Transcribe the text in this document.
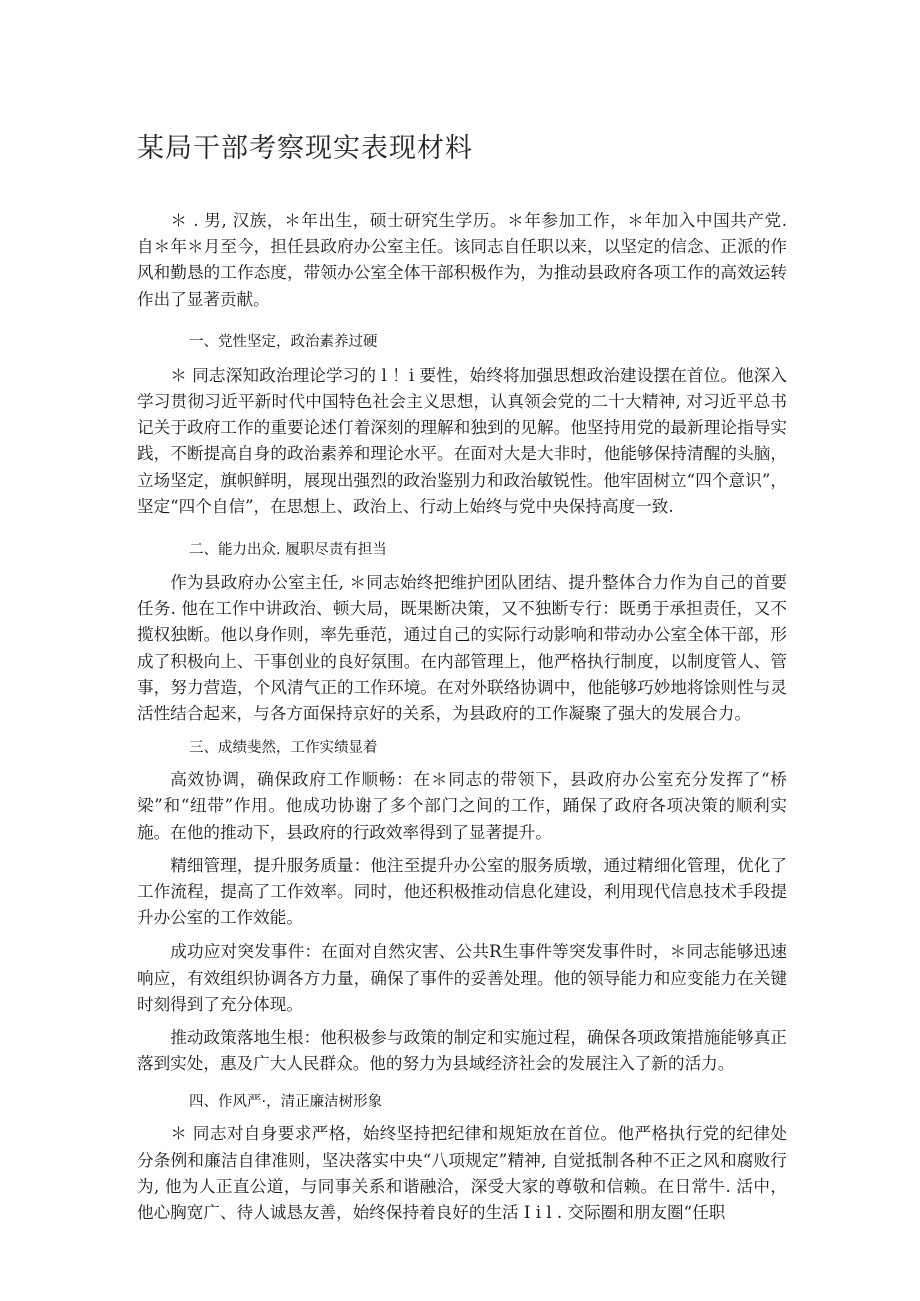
某局干部考察现实表现材料

＊ . 男, 汉族，＊年出生，硕士研究生学历。＊年参加工作，＊年加入中国共产党. 自＊年＊月至今，担任县政府办公室主任。该同志自任职以来，以坚定的信念、正派的作风和勤恳的工作态度，带领办公室全体干部积极作为，为推动县政府各项工作的高效运转作出了显著贡献。

一、党性坚定，政治素养过硬

＊ 同志深知政治理论学习的 l ！i 要性，始终将加强思想政治建设摆在首位。他深入学习贯彻习近平新时代中国特色社会主义思想，认真领会党的二十大精神, 对习近平总书记关于政府工作的重要论述仃着深刻的理解和独到的见解。他坚持用党的最新理论指导实践，不断提高自身的政治素养和理论水平。在面对大是大非时，他能够保持清醒的头脑，立场坚定，旗帜鲜明，展现出强烈的政治鉴别力和政治敏锐性。他牢固树立“四个意识”，坚定“四个自信”，在思想上、政治上、行动上始终与党中央保持高度一致.

二、能力出众. 履职尽责有担当

作为县政府办公室主任, ＊同志始终把维护团队团结、提升整体合力作为自己的首要任务. 他在工作中讲政治、顿大局，既果断决策，又不独断专行：既勇于承担责任，又不揽权独断。他以身作则，率先垂范，通过自己的实际行动影响和带动办公室全体干部，形成了积极向上、干事创业的良好氛围。在内部管理上，他严格执行制度，以制度管人、管事，努力营造，个风清气正的工作环境。在对外联络协调中，他能够巧妙地将馀则性与灵活性结合起来，与各方面保持京好的关系，为县政府的工作凝聚了强大的发展合力。

三、成绩斐然，工作实绩显着

高效协调，确保政府工作顺畅：在＊同志的带领下，县政府办公室充分发挥了“桥梁”和“纽带”作用。他成功协谢了多个部门之间的工作，踊保了政府各项决策的顺利实施。在他的推动下，县政府的行政效率得到了显著提升。

精细管理，提升服务质量：他注至提升办公室的服务质墩，通过精细化管理，优化了工作流程，提高了工作效率。同时，他还积极推动信息化建设，利用现代信息技术手段提升办公室的工作效能。

成功应对突发事件：在面对自然灾害、公共R生事件等突发事件时，＊同志能够迅速响应，有效组织协调各方力量，确保了事件的妥善处理。他的领导能力和应变能力在关键时刻得到了充分体现。

推动政策落地生根：他积极参与政策的制定和实施过程，确保各项政策措施能够真正落到实处，惠及广大人民群众。他的努力为县域经济社会的发展注入了新的活力。

四、作风严·，清正廉洁树形象

＊ 同志对自身要求严格，始终坚持把纪律和规矩放在首位。他严格执行党的纪律处分条例和廉洁自律准则，坚决落实中央“八项规定”精神, 自觉抵制各种不正之风和腐败行为, 他为人正直公道，与同事关系和谐融洽，深受大家的尊敬和信赖。在日常牛. 活中，他心胸宽广、待人诚恳友善，始终保持着良好的生活 I i l . 交际圈和朋友圈“任职
